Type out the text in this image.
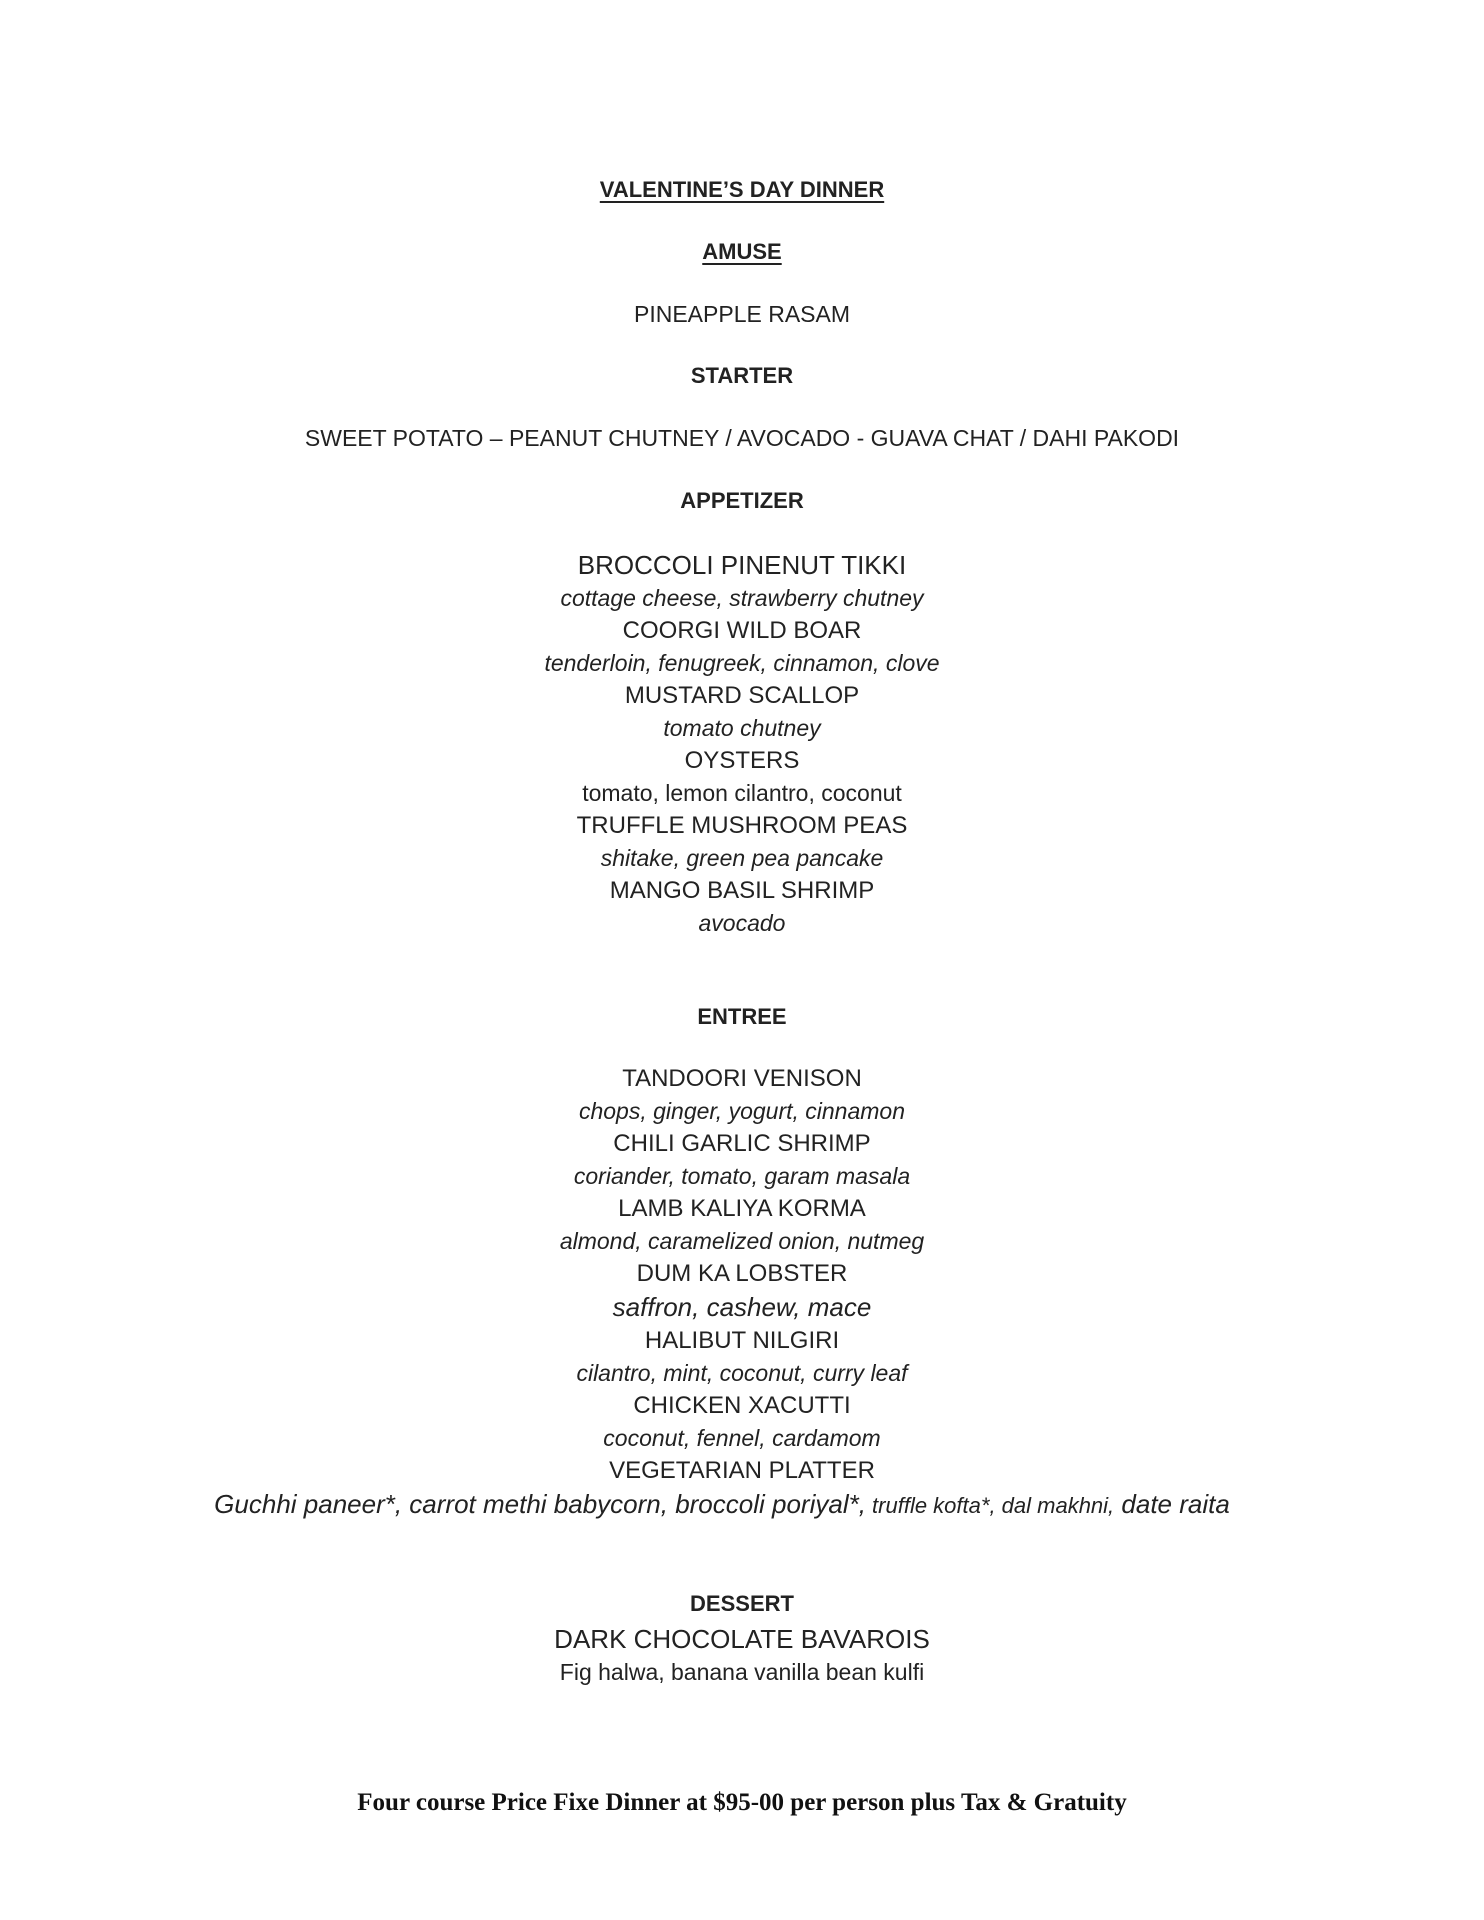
VALENTINE’S DAY DINNER
AMUSE
PINEAPPLE RASAM
STARTER
SWEET POTATO – PEANUT CHUTNEY / AVOCADO - GUAVA CHAT / DAHI PAKODI
APPETIZER
BROCCOLI PINENUT TIKKI
cottage cheese, strawberry chutney
COORGI WILD BOAR
tenderloin, fenugreek, cinnamon, clove
MUSTARD SCALLOP
tomato chutney
OYSTERS
tomato, lemon cilantro, coconut
TRUFFLE MUSHROOM PEAS
shitake, green pea pancake
MANGO BASIL SHRIMP
avocado
ENTREE
TANDOORI VENISON
chops, ginger, yogurt, cinnamon
CHILI GARLIC SHRIMP
coriander, tomato, garam masala
LAMB KALIYA KORMA
almond, caramelized onion, nutmeg
DUM KA LOBSTER
saffron, cashew, mace
HALIBUT NILGIRI
cilantro, mint, coconut, curry leaf
CHICKEN XACUTTI
coconut, fennel, cardamom
VEGETARIAN PLATTER
Guchhi paneer*, carrot methi babycorn, broccoli poriyal*, truffle kofta*, dal makhni, date raita
DESSERT
DARK CHOCOLATE BAVAROIS
Fig halwa, banana vanilla bean kulfi
Four course Price Fixe Dinner at $95-00 per person plus Tax & Gratuity
